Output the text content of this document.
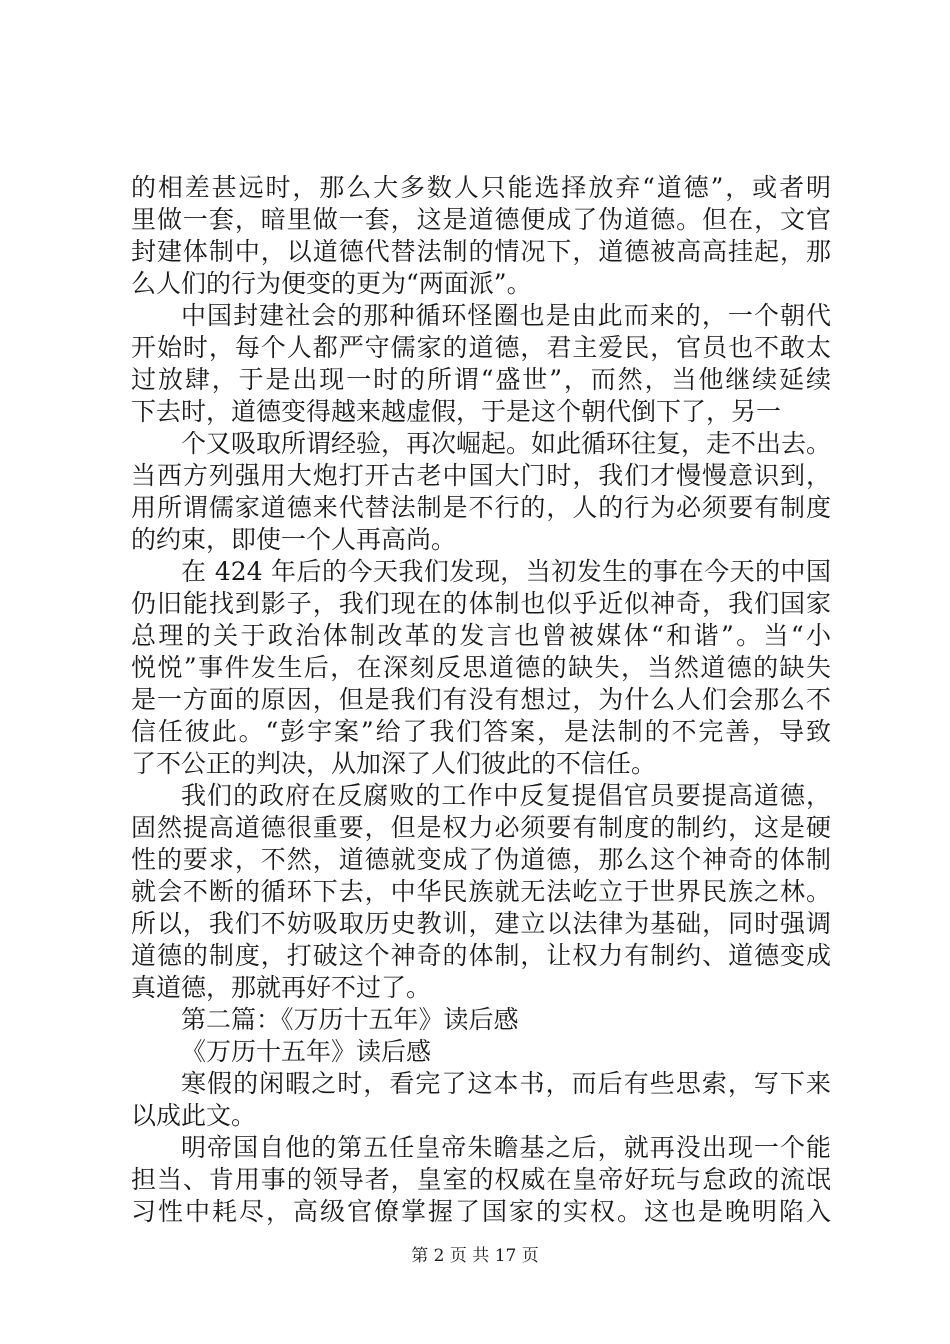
的相差甚远时，那么大多数人只能选择放弃“道德”，或者明
里做一套，暗里做一套，这是道德便成了伪道德。但在，文官
封建体制中，以道德代替法制的情况下，道德被高高挂起，那
么人们的行为便变的更为“两面派”。
中国封建社会的那种循环怪圈也是由此而来的，一个朝代
开始时，每个人都严守儒家的道德，君主爱民，官员也不敢太
过放肆，于是出现一时的所谓“盛世”，而然，当他继续延续
下去时，道德变得越来越虚假，于是这个朝代倒下了，另一
个又吸取所谓经验，再次崛起。如此循环往复，走不出去。
当西方列强用大炮打开古老中国大门时，我们才慢慢意识到，
用所谓儒家道德来代替法制是不行的，人的行为必须要有制度
的约束，即使一个人再高尚。
在 424 年后的今天我们发现，当初发生的事在今天的中国
仍旧能找到影子，我们现在的体制也似乎近似神奇，我们国家
总理的关于政治体制改革的发言也曾被媒体“和谐”。当“小
悦悦”事件发生后，在深刻反思道德的缺失，当然道德的缺失
是一方面的原因，但是我们有没有想过，为什么人们会那么不
信任彼此。“彭宇案”给了我们答案，是法制的不完善，导致
了不公正的判决，从加深了人们彼此的不信任。
我们的政府在反腐败的工作中反复提倡官员要提高道德，
固然提高道德很重要，但是权力必须要有制度的制约，这是硬
性的要求，不然，道德就变成了伪道德，那么这个神奇的体制
就会不断的循环下去，中华民族就无法屹立于世界民族之林。
所以，我们不妨吸取历史教训，建立以法律为基础，同时强调
道德的制度，打破这个神奇的体制，让权力有制约、道德变成
真道德，那就再好不过了。
第二篇：《万历十五年》读后感
《万历十五年》读后感
寒假的闲暇之时，看完了这本书，而后有些思索，写下来
以成此文。
明帝国自他的第五任皇帝朱瞻基之后，就再没出现一个能
担当、肯用事的领导者，皇室的权威在皇帝好玩与怠政的流氓
习性中耗尽，高级官僚掌握了国家的实权。这也是晚明陷入
第 2 页 共 17 页
